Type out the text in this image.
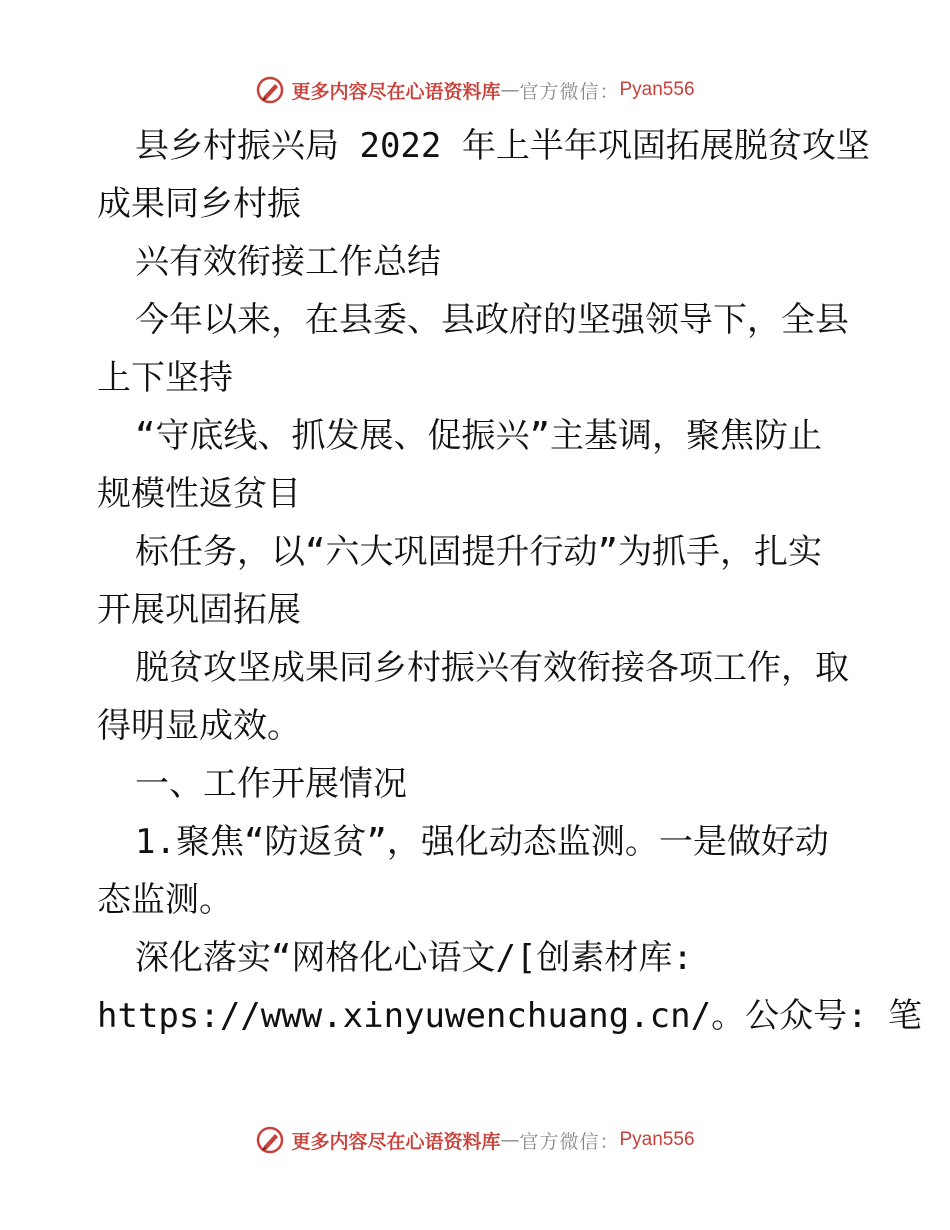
更多内容尽在心语资料库 — 官方微信： Pyan556
县乡村振兴局 2022 年上半年巩固拓展脱贫攻坚
成果同乡村振
兴有效衔接工作总结
今年以来，在县委、县政府的坚强领导下，全县
上下坚持
“守底线、抓发展、促振兴”主基调，聚焦防止
规模性返贫目
标任务，以“六大巩固提升行动”为抓手，扎实
开展巩固拓展
脱贫攻坚成果同乡村振兴有效衔接各项工作，取
得明显成效。
一、工作开展情况
1.聚焦“防返贫”，强化动态监测。一是做好动
态监测。
深化落实“网格化心语文/[创素材库:
https://www.xinyuwenchuang.cn/。公众号: 笔
更多内容尽在心语资料库 — 官方微信： Pyan556
